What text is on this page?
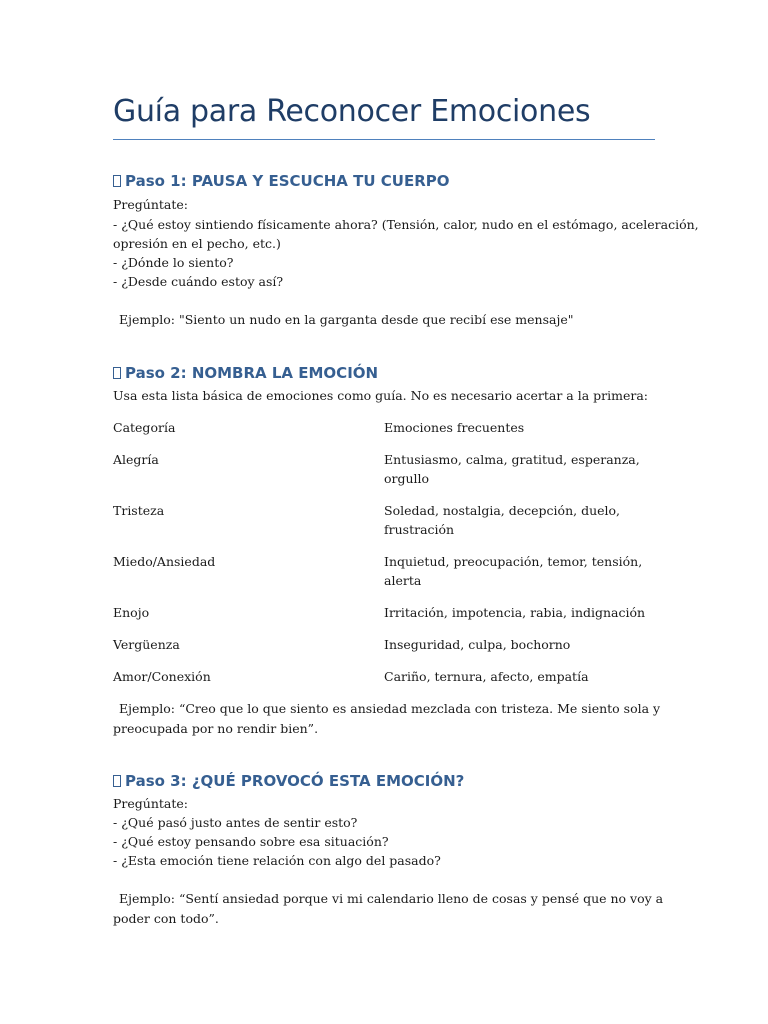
Guía para Reconocer Emociones
Paso 1: PAUSA Y ESCUCHA TU CUERPO
Pregúntate:
- ¿Qué estoy sintiendo físicamente ahora? (Tensión, calor, nudo en el estómago, aceleración,
opresión en el pecho, etc.)
- ¿Dónde lo siento?
- ¿Desde cuándo estoy así?
Ejemplo: "Siento un nudo en la garganta desde que recibí ese mensaje"
Paso 2: NOMBRA LA EMOCIÓN
Usa esta lista básica de emociones como guía. No es necesario acertar a la primera:
Categoría	Emociones frecuentes
Alegría	Entusiasmo, calma, gratitud, esperanza,
orgullo
Tristeza	Soledad, nostalgia, decepción, duelo,
frustración
Miedo/Ansiedad	Inquietud, preocupación, temor, tensión,
alerta
Enojo	Irritación, impotencia, rabia, indignación
Vergüenza	Inseguridad, culpa, bochorno
Amor/Conexión	Cariño, ternura, afecto, empatía
Ejemplo: “Creo que lo que siento es ansiedad mezclada con tristeza. Me siento sola y
preocupada por no rendir bien”.
Paso 3: ¿QUÉ PROVOCÓ ESTA EMOCIÓN?
Pregúntate:
- ¿Qué pasó justo antes de sentir esto?
- ¿Qué estoy pensando sobre esa situación?
- ¿Esta emoción tiene relación con algo del pasado?
Ejemplo: “Sentí ansiedad porque vi mi calendario lleno de cosas y pensé que no voy a
poder con todo”.
